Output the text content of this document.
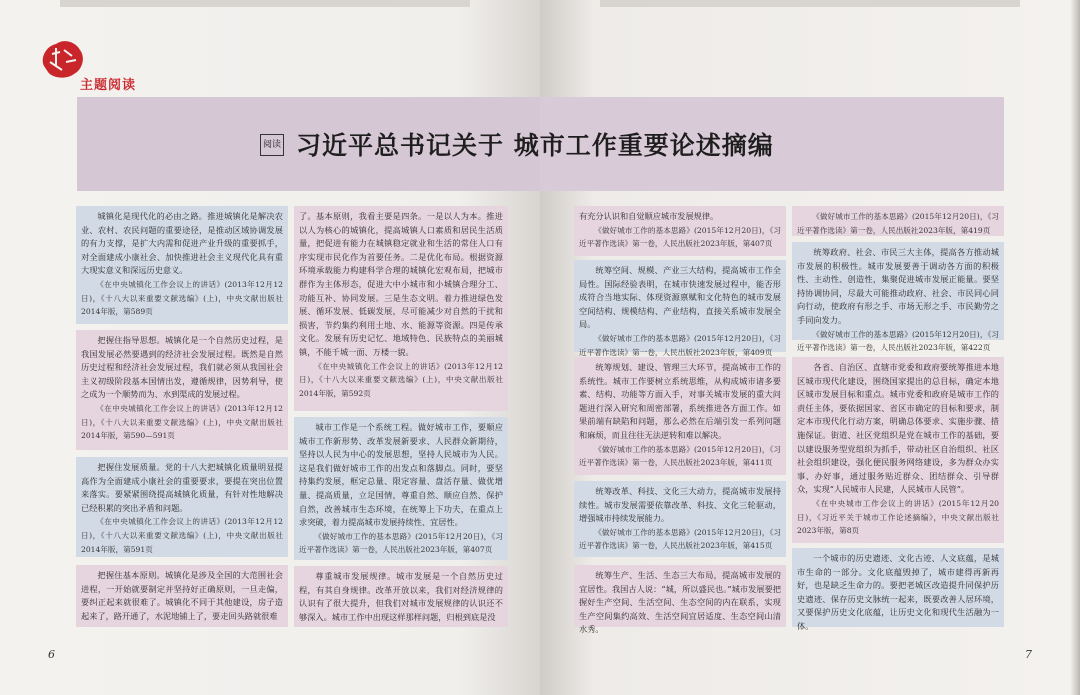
主题阅读
6	7
阅读 习近平总书记关于 城市工作重要论述摘编

城镇化是现代化的必由之路。推进城镇化是解决农业、农村、农民问题的重要途径，是推动区域协调发展的有力支撑，是扩大内需和促进产业升级的重要抓手，对全面建成小康社会、加快推进社会主义现代化具有重大现实意义和深远历史意义。

《在中央城镇化工作会议上的讲话》(2013年12月12日)，《十八大以来重要文献选编》(上)，中央文献出版社2014年版，第589页

把握住指导思想。城镇化是一个自然历史过程，是我国发展必然要遇到的经济社会发展过程。既然是自然历史过程和经济社会发展过程，我们就必须从我国社会主义初级阶段基本国情出发，遵循规律，因势利导，使之成为一个顺势而为、水到渠成的发展过程。

《在中央城镇化工作会议上的讲话》(2013年12月12日)，《十八大以来重要文献选编》(上)，中央文献出版社2014年版，第590—591页

把握住发展质量。党的十八大把城镇化质量明显提高作为全面建成小康社会的重要要求，要提在突出位置来落实。要紧紧围绕提高城镇化质量，有针对性地解决已经积累的突出矛盾和问题。

《在中央城镇化工作会议上的讲话》(2013年12月12日)，《十八大以来重要文献选编》(上)，中央文献出版社2014年版，第591页

把握住基本原则。城镇化是涉及全国的大范围社会进程，一开始就要制定并坚持好正确原则，一旦走偏，要纠正起来就很难了。城镇化不同于其他建设，房子造起来了，路开通了，水泥地铺上了，要走回头路就很难

了。基本原则，我看主要是四条。一是以人为本。推进以人为核心的城镇化，提高城镇人口素质和居民生活质量，把促进有能力在城镇稳定就业和生活的常住人口有序实现市民化作为首要任务。二是优化布局。根据资源环境承载能力构建科学合理的城镇化宏观布局，把城市群作为主体形态，促进大中小城市和小城镇合理分工、功能互补、协同发展。三是生态文明。着力推进绿色发展、循环发展、低碳发展，尽可能减少对自然的干扰和损害，节约集约利用土地、水、能源等资源。四是传承文化。发展有历史记忆、地域特色、民族特点的美丽城镇，不能千城一面、万楼一貌。

《在中央城镇化工作会议上的讲话》(2013年12月12日)，《十八大以来重要文献选编》(上)，中央文献出版社2014年版，第592页

城市工作是一个系统工程。做好城市工作，要顺应城市工作新形势、改革发展新要求、人民群众新期待，坚持以人民为中心的发展思想，坚持人民城市为人民。这是我们做好城市工作的出发点和落脚点。同时，要坚持集约发展，框定总量、限定容量、盘活存量、做优增量、提高质量，立足国情，尊重自然、顺应自然、保护自然，改善城市生态环境，在统筹上下功夫，在重点上求突破，着力提高城市发展持续性、宜居性。

《做好城市工作的基本思路》(2015年12月20日)，《习近平著作选读》第一卷，人民出版社2023年版，第407页

尊重城市发展规律。城市发展是一个自然历史过程，有其自身规律。改革开放以来，我们对经济规律的认识有了很大提升，但我们对城市发展规律的认识还不够深入。城市工作中出现这样那样问题，归根到底是没

有充分认识和自觉顺应城市发展规律。

《做好城市工作的基本思路》(2015年12月20日)，《习近平著作选读》第一卷，人民出版社2023年版，第407页

统筹空间、规模、产业三大结构，提高城市工作全局性。国际经验表明，在城市快速发展过程中，能否形成符合当地实际、体现资源禀赋和文化特色的城市发展空间结构、规模结构、产业结构，直接关系城市发展全局。

《做好城市工作的基本思路》(2015年12月20日)，《习近平著作选读》第一卷，人民出版社2023年版，第409页

统筹规划、建设、管理三大环节，提高城市工作的系统性。城市工作要树立系统思维，从构成城市诸多要素、结构、功能等方面入手，对事关城市发展的重大问题进行深入研究和周密部署，系统推进各方面工作。如果前端有缺陷和问题，那么必然在后端引发一系列问题和麻烦，而且往往无法逆转和难以解决。

《做好城市工作的基本思路》(2015年12月20日)，《习近平著作选读》第一卷，人民出版社2023年版，第411页

统筹改革、科技、文化三大动力，提高城市发展持续性。城市发展需要依靠改革、科技、文化三轮驱动，增强城市持续发展能力。

《做好城市工作的基本思路》(2015年12月20日)，《习近平著作选读》第一卷，人民出版社2023年版，第415页

统筹生产、生活、生态三大布局，提高城市发展的宜居性。我国古人说：“城，所以盛民也。”城市发展要把握好生产空间、生活空间、生态空间的内在联系，实现生产空间集约高效、生活空间宜居适度、生态空间山清水秀。

《做好城市工作的基本思路》(2015年12月20日)，《习近平著作选读》第一卷，人民出版社2023年版，第419页

统筹政府、社会、市民三大主体，提高各方推动城市发展的积极性。城市发展要善于调动各方面的积极性、主动性、创造性，集聚促进城市发展正能量。要坚持协调协同，尽最大可能推动政府、社会、市民同心同向行动，使政府有形之手、市场无形之手、市民勤劳之手同向发力。

《做好城市工作的基本思路》(2015年12月20日)，《习近平著作选读》第一卷，人民出版社2023年版，第422页

各省、自治区、直辖市党委和政府要统筹推进本地区城市现代化建设，围绕国家提出的总目标，确定本地区城市发展目标和重点。城市党委和政府是城市工作的责任主体，要依据国家、省区市确定的目标和要求，制定本市现代化行动方案，明确总体要求、实施步骤、措施保证。街道、社区党组织是党在城市工作的基础，要以建设服务型党组织为抓手，带动社区自治组织、社区社会组织建设，强化便民服务网络建设，多为群众办实事、办好事，通过服务贴近群众、团结群众、引导群众，实现“人民城市人民建，人民城市人民管”。

《在中央城市工作会议上的讲话》(2015年12月20日)，《习近平关于城市工作论述摘编》，中央文献出版社2023年版，第8页

一个城市的历史遗迹、文化古迹、人文底蕴，是城市生命的一部分。文化底蕴毁掉了，城市建得再新再好，也是缺乏生命力的。要把老城区改造提升同保护历史遗迹、保存历史文脉统一起来，既要改善人居环境，又要保护历史文化底蕴，让历史文化和现代生活融为一体。
